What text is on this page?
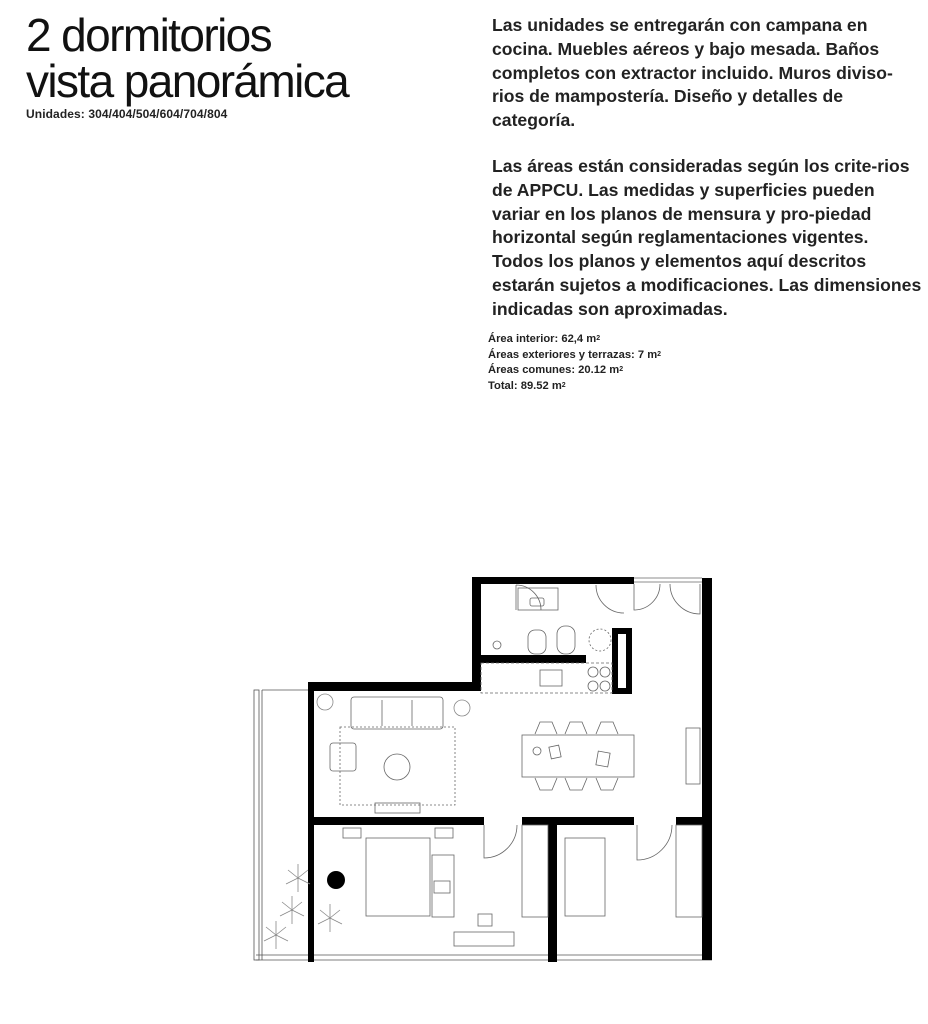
2 dormitorios
vista panorámica
Unidades: 304/404/504/604/704/804

Las unidades se entregarán con campana en cocina. Muebles aéreos y bajo mesada. Baños completos con extractor incluido. Muros diviso-rios de mampostería. Diseño y detalles de categoría.

Las áreas están consideradas según los crite-rios de APPCU. Las medidas y superficies pueden variar en los planos de mensura y pro-piedad horizontal según reglamentaciones vigentes. Todos los planos y elementos aquí descritos estarán sujetos a modificaciones. Las dimensiones indicadas son aproximadas.

Área interior: 62,4 $m^2$
Áreas exteriores y terrazas: 7 $m^2$
Áreas comunes: 20.12 $m^2$
Total: 89.52 $m^2$
